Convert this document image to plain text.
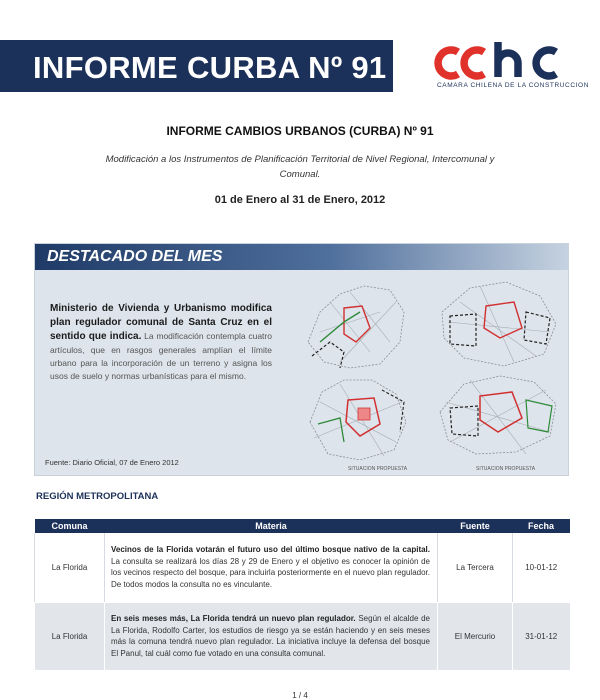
INFORME CURBA Nº 91
CAMARA CHILENA DE LA CONSTRUCCION
INFORME CAMBIOS URBANOS (CURBA) Nº 91
Modificación a los Instrumentos de Planificación Territorial de Nivel Regional, Intercomunal y Comunal.
01 de Enero al 31 de Enero, 2012
DESTACADO DEL MES
Ministerio de Vivienda y Urbanismo modifica plan regulador comunal de Santa Cruz en el sentido que indica. La modificación contempla cuatro artículos, que en rasgos generales amplían el límite urbano para la incorporación de un terreno y asigna los usos de suelo y normas urbanísticas para el mismo.
Fuente: Diario Oficial, 07 de Enero 2012
SITUACION PROPUESTA	SITUACION PROPUESTA
REGIÓN METROPOLITANA
Comuna	Materia	Fuente	Fecha
La Florida	Vecinos de la Florida votarán el futuro uso del último bosque nativo de la capital. La consulta se realizará los días 28 y 29 de Enero y el objetivo es conocer la opinión de los vecinos respecto del bosque, para incluirla posteriormente en el nuevo plan regulador. De todos modos la consulta no es vinculante.	La Tercera	10-01-12
La Florida	En seis meses más, La Florida tendrá un nuevo plan regulador. Según el alcalde de La Florida, Rodolfo Carter, los estudios de riesgo ya se están haciendo y en seis meses más la comuna tendrá nuevo plan regulador. La iniciativa incluye la defensa del bosque El Panul, tal cuál como fue votado en una consulta comunal.	El Mercurio	31-01-12
1 / 4
